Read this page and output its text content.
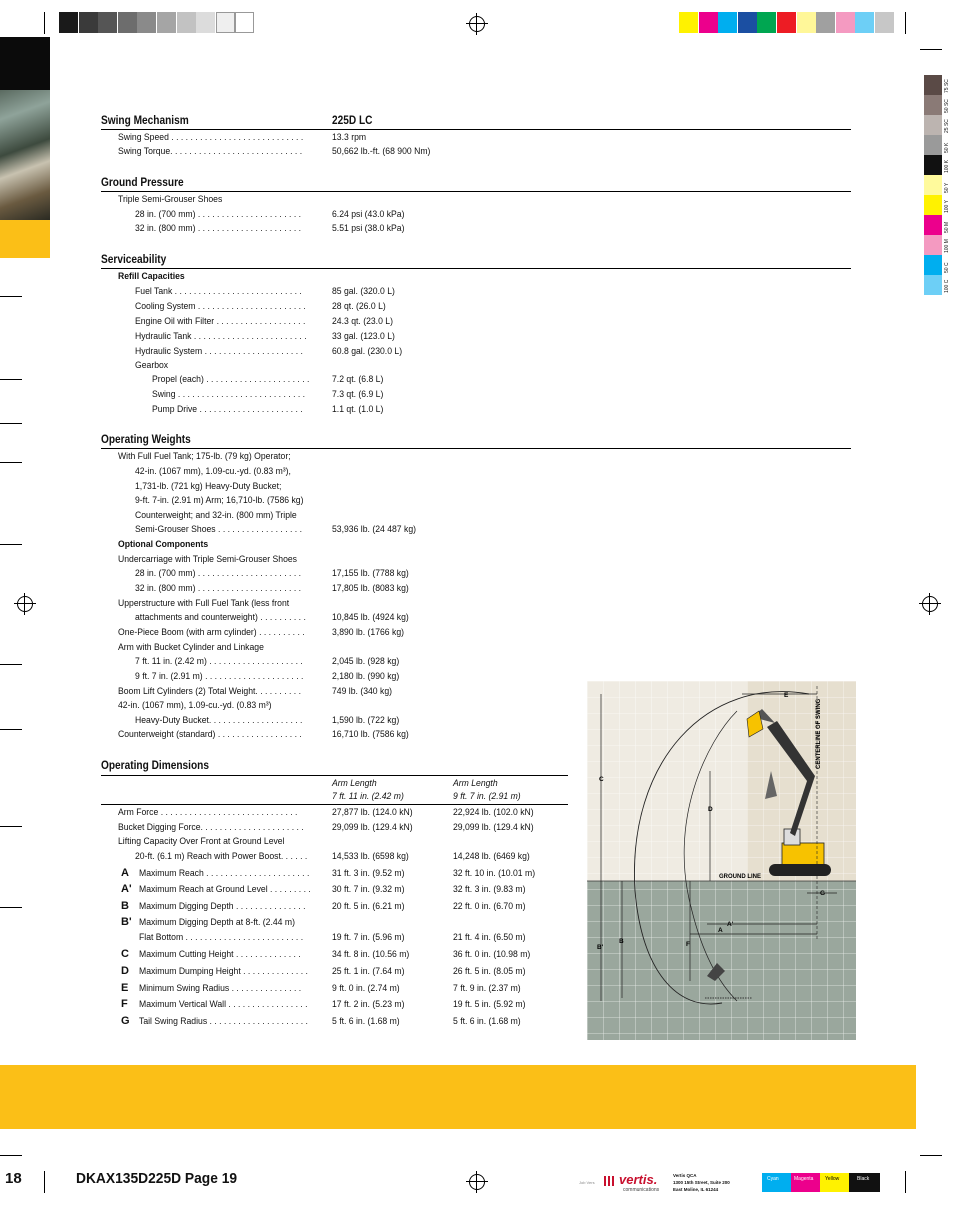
75 SC
50 SC
25 SC
50 K
100 K
50 Y
100 Y
50 M
100 M
50 C
100 C
Swing Mechanism	225D LC
Swing Speed . . . . . . . . . . . . . . . . . . . . . . . . . . . .	13.3 rpm
Swing Torque. . . . . . . . . . . . . . . . . . . . . . . . . . . .	50,662 lb.-ft. (68 900 Nm)
Ground Pressure
Triple Semi-Grouser Shoes
28 in. (700 mm) . . . . . . . . . . . . . . . . . . . . . .	6.24 psi (43.0 kPa)
32 in. (800 mm) . . . . . . . . . . . . . . . . . . . . . .	5.51 psi (38.0 kPa)
Serviceability
Refill Capacities
Fuel Tank . . . . . . . . . . . . . . . . . . . . . . . . . . .	85 gal. (320.0 L)
Cooling System . . . . . . . . . . . . . . . . . . . . . . .	28 qt. (26.0 L)
Engine Oil with Filter . . . . . . . . . . . . . . . . . . .	24.3 qt. (23.0 L)
Hydraulic Tank . . . . . . . . . . . . . . . . . . . . . . . .	33 gal. (123.0 L)
Hydraulic System . . . . . . . . . . . . . . . . . . . . .	60.8 gal. (230.0 L)
Gearbox
Propel (each) . . . . . . . . . . . . . . . . . . . . . . 7.2 qt. (6.8 L)
Swing . . . . . . . . . . . . . . . . . . . . . . . . . . .	7.3 qt. (6.9 L)
Pump Drive . . . . . . . . . . . . . . . . . . . . . .	1.1 qt. (1.0 L)
Operating Weights
With Full Fuel Tank; 175-lb. (79 kg) Operator;
42-in. (1067 mm), 1.09-cu.-yd. (0.83 m³),
1,731-lb. (721 kg) Heavy-Duty Bucket;
9-ft. 7-in. (2.91 m) Arm; 16,710-lb. (7586 kg)
Counterweight; and 32-in. (800 mm) Triple
Semi-Grouser Shoes . . . . . . . . . . . . . . . . . .	53,936 lb. (24 487 kg)
Optional Components
Undercarriage with Triple Semi-Grouser Shoes
28 in. (700 mm) . . . . . . . . . . . . . . . . . . . . . .	17,155 lb. (7788 kg)
32 in. (800 mm) . . . . . . . . . . . . . . . . . . . . . .	17,805 lb. (8083 kg)
Upperstructure with Full Fuel Tank (less front
attachments and counterweight) . . . . . . . . . .	10,845 lb. (4924 kg)
One-Piece Boom (with arm cylinder) . . . . . . . . . .	3,890 lb. (1766 kg)
Arm with Bucket Cylinder and Linkage
7 ft. 11 in. (2.42 m) . . . . . . . . . . . . . . . . . . . .	2,045 lb. (928 kg)
9 ft. 7 in. (2.91 m) . . . . . . . . . . . . . . . . . . . . .	2,180 lb. (990 kg)
Boom Lift Cylinders (2) Total Weight. . . . . . . . . .	749 lb. (340 kg)
42-in. (1067 mm), 1.09-cu.-yd. (0.83 m³)
Heavy-Duty Bucket. . . . . . . . . . . . . . . . . . . .	1,590 lb. (722 kg)
Counterweight (standard) . . . . . . . . . . . . . . . . . .	16,710 lb. (7586 kg)
Operating Dimensions
Arm Length
7 ft. 11 in. (2.42 m)
Arm Length
9 ft. 7 in. (2.91 m)
Arm Force . . . . . . . . . . . . . . . . . . . . . . . . . . . . .	27,877 lb. (124.0 kN)	22,924 lb. (102.0 kN)
Bucket Digging Force. . . . . . . . . . . . . . . . . . . . . .	29,099 lb. (129.4 kN)	29,099 lb. (129.4 kN)
Lifting Capacity Over Front at Ground Level
20-ft. (6.1 m) Reach with Power Boost. . . . . .	14,533 lb. (6598 kg)	14,248 lb. (6469 kg)
A Maximum Reach . . . . . . . . . . . . . . . . . . . . . . 31 ft. 3 in. (9.52 m)	32 ft. 10 in. (10.01 m)
A' Maximum Reach at Ground Level . . . . . . . . . 30 ft. 7 in. (9.32 m)	32 ft. 3 in. (9.83 m)
B Maximum Digging Depth . . . . . . . . . . . . . . .	20 ft. 5 in. (6.21 m)	22 ft. 0 in. (6.70 m)
B' Maximum Digging Depth at 8-ft. (2.44 m)
Flat Bottom . . . . . . . . . . . . . . . . . . . . . . . . .	19 ft. 7 in. (5.96 m)	21 ft. 4 in. (6.50 m)
C Maximum Cutting Height . . . . . . . . . . . . . .	34 ft. 8 in. (10.56 m)	36 ft. 0 in. (10.98 m)
D Maximum Dumping Height . . . . . . . . . . . . . .	25 ft. 1 in. (7.64 m)	26 ft. 5 in. (8.05 m)
E Minimum Swing Radius . . . . . . . . . . . . . . .	9 ft. 0 in. (2.74 m)	7 ft. 9 in. (2.37 m)
F Maximum Vertical Wall . . . . . . . . . . . . . . . . .	17 ft. 2 in. (5.23 m)	19 ft. 5 in. (5.92 m)
G Tail Swing Radius . . . . . . . . . . . . . . . . . . . . .	5 ft. 6 in. (1.68 m)	5 ft. 6 in. (1.68 m)
E
C
D
G
A
A'
B
B'	F
GROUND LINE
CENTERLINE OF SWING
18	DKAX135D225D Page 19	Job Vers vertis.
communications
Vertis QCA
1300 15th Street, Suite 200
East Moline, IL 61244
Cyan	Magenta Yellow	Black
